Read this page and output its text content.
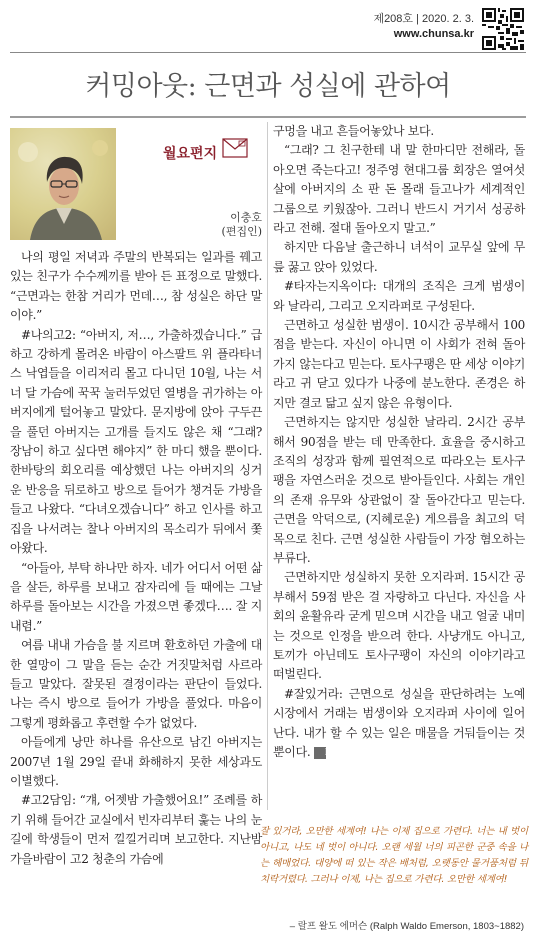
제208호 | 2020. 2. 3.
www.chunsa.kr
커밍아웃: 근면과 성실에 관하여
월요편지
이충호
(편집인)

나의 평일 저녁과 주말의 반복되는 일과를 꿰고 있는 친구가 수수께끼를 받아 든 표정으로 말했다. “근면과는 한참 거리가 먼데…, 참 성실은 하단 말이야.”

#나의고2: “아버지, 저…, 가출하겠습니다.” 급하고 강하게 몰려온 바람이 아스팔트 위 플라타너스 낙엽들을 이리저리 몰고 다니던 10월, 나는 서너 달 가슴에 꾹꾹 눌러두었던 열병을 귀가하는 아버지에게 털어놓고 말았다. 문지방에 앉아 구두끈을 풀던 아버지는 고개를 들지도 않은 채 “그래? 장남이 하고 싶다면 해야지” 한 마디 했을 뿐이다. 한바탕의 회오리를 예상했던 나는 아버지의 싱거운 반응을 뒤로하고 방으로 들어가 챙겨둔 가방을 들고 나왔다. “다녀오겠습니다” 하고 인사를 하고 집을 나서려는 찰나 아버지의 목소리가 뒤에서 쫓아왔다.

“아들아, 부탁 하나만 하자. 네가 어디서 어떤 삶을 살든, 하루를 보내고 잠자리에 들 때에는 그날 하루를 돌아보는 시간을 가졌으면 좋겠다…. 잘 지내렴.”

여름 내내 가슴을 불 지르며 환호하던 가출에 대한 열망이 그 말을 듣는 순간 거짓말처럼 사르라 들고 말았다. 잘못된 결정이라는 판단이 들었다. 나는 즉시 방으로 들어가 가방을 풀었다. 마음이 그렇게 평화롭고 후련할 수가 없었다.

아들에게 낭만 하나를 유산으로 남긴 아버지는 2007년 1월 29일 끝내 화해하지 못한 세상과도 이별했다.

#고2담임: “걔, 어젯밤 가출했어요!” 조례를 하기 위해 들어간 교실에서 빈자리부터 훑는 나의 눈길에 학생들이 먼저 낄낄거리며 보고한다. 지난밤 가을바람이 고2 청춘의 가슴에

구멍을 내고 흔들어놓았나 보다.

“그래? 그 친구한테 내 말 한마디만 전해라, 돌아오면 죽는다고! 정주영 현대그룹 회장은 열여섯 살에 아버지의 소 판 돈 몰래 들고나가 세계적인 그룹으로 키웠잖아. 그러니 반드시 거기서 성공하라고 전해. 절대 돌아오지 말고.”

하지만 다음날 출근하니 녀석이 교무실 앞에 무릎 꿇고 앉아 있었다.

#타자는지옥이다: 대개의 조직은 크게 범생이와 날라리, 그리고 오지라퍼로 구성된다.

근면하고 성실한 범생이. 10시간 공부해서 100점을 받는다. 자신이 아니면 이 사회가 전혀 돌아가지 않는다고 믿는다. 토사구팽은 딴 세상 이야기라고 귀 닫고 있다가 나중에 분노한다. 존경은 하지만 결코 닮고 싶지 않은 유형이다.

근면하지는 않지만 성실한 날라리. 2시간 공부해서 90점을 받는 데 만족한다. 효율을 중시하고 조직의 성장과 함께 필연적으로 따라오는 토사구팽을 자연스러운 것으로 받아들인다. 사회는 개인의 존재 유무와 상관없이 잘 돌아간다고 믿는다. 근면을 악덕으로, (지혜로운) 게으름을 최고의 덕목으로 친다. 근면 성실한 사람들이 가장 혐오하는 부류다.

근면하지만 성실하지 못한 오지라퍼. 15시간 공부해서 59점 받은 걸 자랑하고 다닌다. 자신을 사회의 윤활유라 굳게 믿으며 시간을 내고 얼굴 내미는 것으로 인정을 받으려 한다. 사냥개도 아니고, 토끼가 아닌데도 토사구팽이 자신의 이야기라고 떠벌린다.

#잘있거라: 근면으로 성실을 판단하려는 노예 시장에서 거래는 범생이와 오지라퍼 사이에 일어난다. 내가 할 수 있는 일은 매물을 거둬들이는 것뿐이다. h.

잘 있거라, 오만한 세계여! 나는 이제 집으로 가련다. 너는 내 벗이 아니고, 나도 네 벗이 아니다. 오랜 세월 너의 피곤한 군중 속을 나는 헤매었다. 대양에 떠 있는 작은 배처럼, 오랫동안 물거품처럼 뒤치락거렸다. 그러나 이제, 나는 집으로 가련다. 오만한 세계여!
– 랄프 왈도 에머슨 (Ralph Waldo Emerson, 1803~1882)
